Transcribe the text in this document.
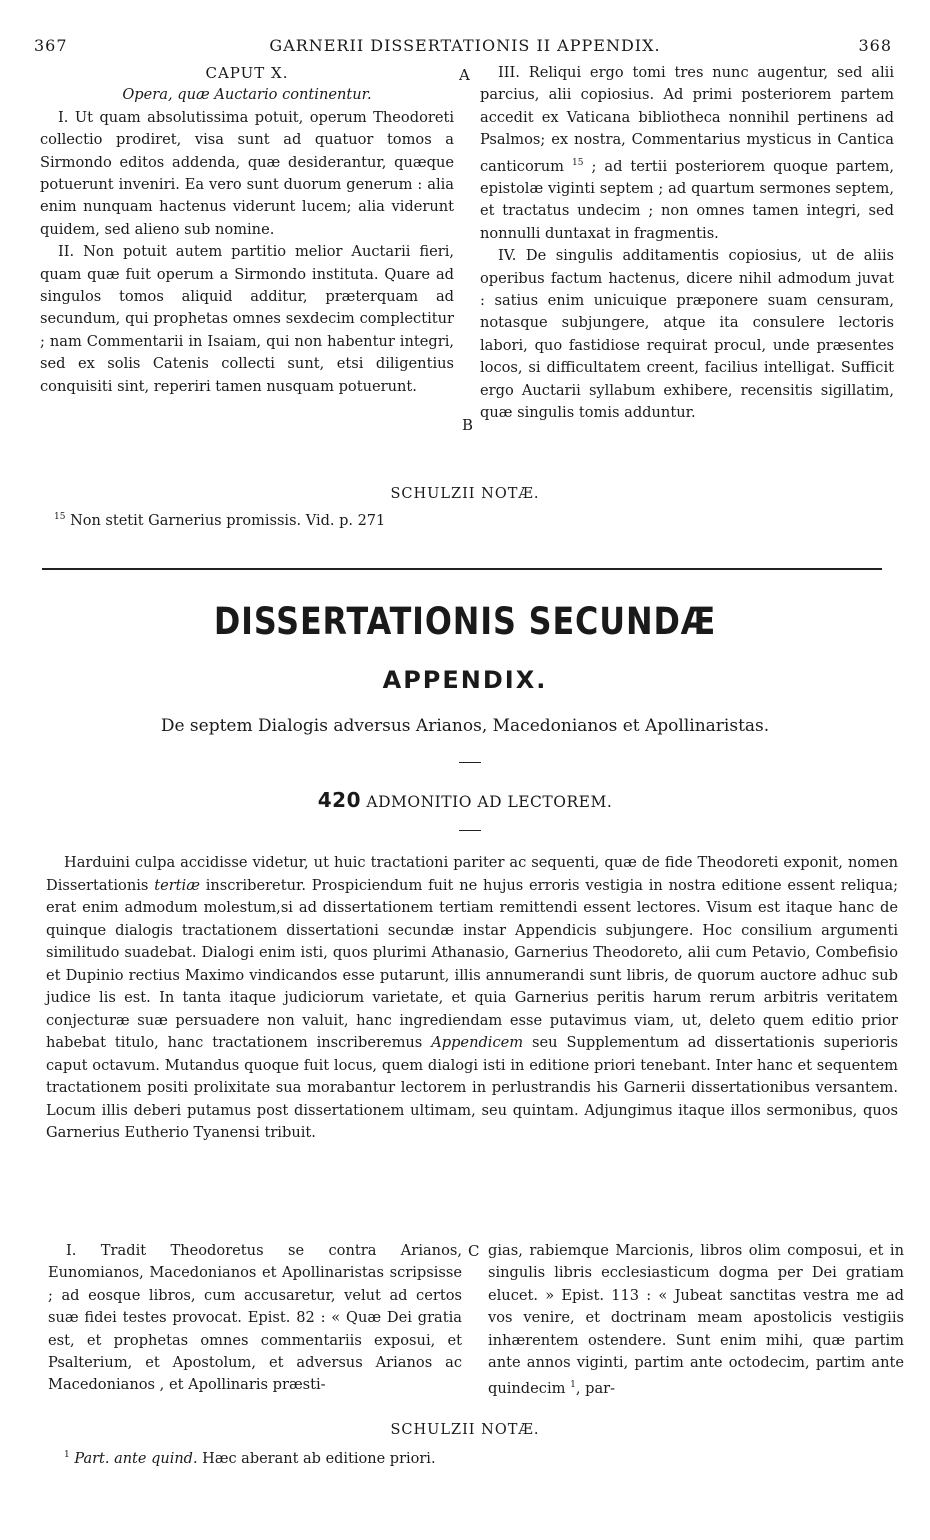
367	GARNERII DISSERTATIONIS II APPENDIX.	368

CAPUT X.

Opera, quæ Auctario continentur.

I. Ut quam absolutissima potuit, operum Theodoreti collectio prodiret, visa sunt ad quatuor tomos a Sirmondo editos addenda, quæ desiderantur, quæque potuerunt inveniri. Ea vero sunt duorum generum : alia enim nunquam hactenus viderunt lucem; alia viderunt quidem, sed alieno sub nomine.

II. Non potuit autem partitio melior Auctarii fieri, quam quæ fuit operum a Sirmondo instituta. Quare ad singulos tomos aliquid additur, præterquam ad secundum, qui prophetas omnes sexdecim complectitur ; nam Commentarii in Isaiam, qui non habentur integri, sed ex solis Catenis collecti sunt, etsi diligentius conquisiti sint, reperiri tamen nusquam potuerunt.

A
B

III. Reliqui ergo tomi tres nunc augentur, sed alii parcius, alii copiosius. Ad primi posteriorem partem accedit ex Vaticana bibliotheca nonnihil pertinens ad Psalmos; ex nostra, Commentarius mysticus in Cantica canticorum $^{15}$ ; ad tertii posteriorem quoque partem, epistolæ viginti septem ; ad quartum sermones septem, et tractatus undecim ; non omnes tamen integri, sed nonnulli duntaxat in fragmentis.

IV. De singulis additamentis copiosius, ut de aliis operibus factum hactenus, dicere nihil admodum juvat : satius enim unicuique præponere suam censuram, notasque subjungere, atque ita consulere lectoris labori, quo fastidiose requirat procul, unde præsentes locos, si difficultatem creent, facilius intelligat. Sufficit ergo Auctarii syllabum exhibere, recensitis sigillatim, quæ singulis tomis adduntur.

SCHULZII NOTÆ.
$^{15}$ Non stetit Garnerius promissis. Vid. p. 271
DISSERTATIONIS SECUNDÆ
APPENDIX.
De septem Dialogis adversus Arianos, Macedonianos et Apollinaristas.
420 ADMONITIO AD LECTOREM.

Harduini culpa accidisse videtur, ut huic tractationi pariter ac sequenti, quæ de fide Theodoreti exponit, nomen Dissertationis tertiæ inscriberetur. Prospiciendum fuit ne hujus erroris vestigia in nostra editione essent reliqua; erat enim admodum molestum,si ad dissertationem tertiam remittendi essent lectores. Visum est itaque hanc de quinque dialogis tractationem dissertationi secundæ instar Appendicis subjungere. Hoc consilium argumenti similitudo suadebat. Dialogi enim isti, quos plurimi Athanasio, Garnerius Theodoreto, alii cum Petavio, Combefisio et Dupinio rectius Maximo vindicandos esse putarunt, illis annumerandi sunt libris, de quorum auctore adhuc sub judice lis est. In tanta itaque judiciorum varietate, et quia Garnerius peritis harum rerum arbitris veritatem conjecturæ suæ persuadere non valuit, hanc ingrediendam esse putavimus viam, ut, deleto quem editio prior habebat titulo, hanc tractationem inscriberemus Appendicem seu Supplementum ad dissertationis superioris caput octavum. Mutandus quoque fuit locus, quem dialogi isti in editione priori tenebant. Inter hanc et sequentem tractationem positi prolixitate sua morabantur lectorem in perlustrandis his Garnerii dissertationibus versantem. Locum illis deberi putamus post dissertationem ultimam, seu quintam. Adjungimus itaque illos sermonibus, quos Garnerius Eutherio Tyanensi tribuit.

I. Tradit Theodoretus se contra Arianos, Eunomianos, Macedonianos et Apollinaristas scripsisse ; ad eosque libros, cum accusaretur, velut ad certos suæ fidei testes provocat. Epist. 82 : « Quæ Dei gratia est, et prophetas omnes commentariis exposui, et Psalterium, et Apostolum, et adversus Arianos ac Macedonianos , et Apollinaris præsti-

C gias, rabiemque Marcionis, libros olim composui, et in singulis libris ecclesiasticum dogma per Dei gratiam elucet. » Epist. 113 : « Jubeat sanctitas vestra me ad vos venire, et doctrinam meam apostolicis vestigiis inhærentem ostendere. Sunt enim mihi, quæ partim ante annos viginti, partim ante octodecim, partim ante quindecim $^1$, par-

SCHULZII NOTÆ.
$^1$ Part. ante quind. Hæc aberant ab editione priori.
